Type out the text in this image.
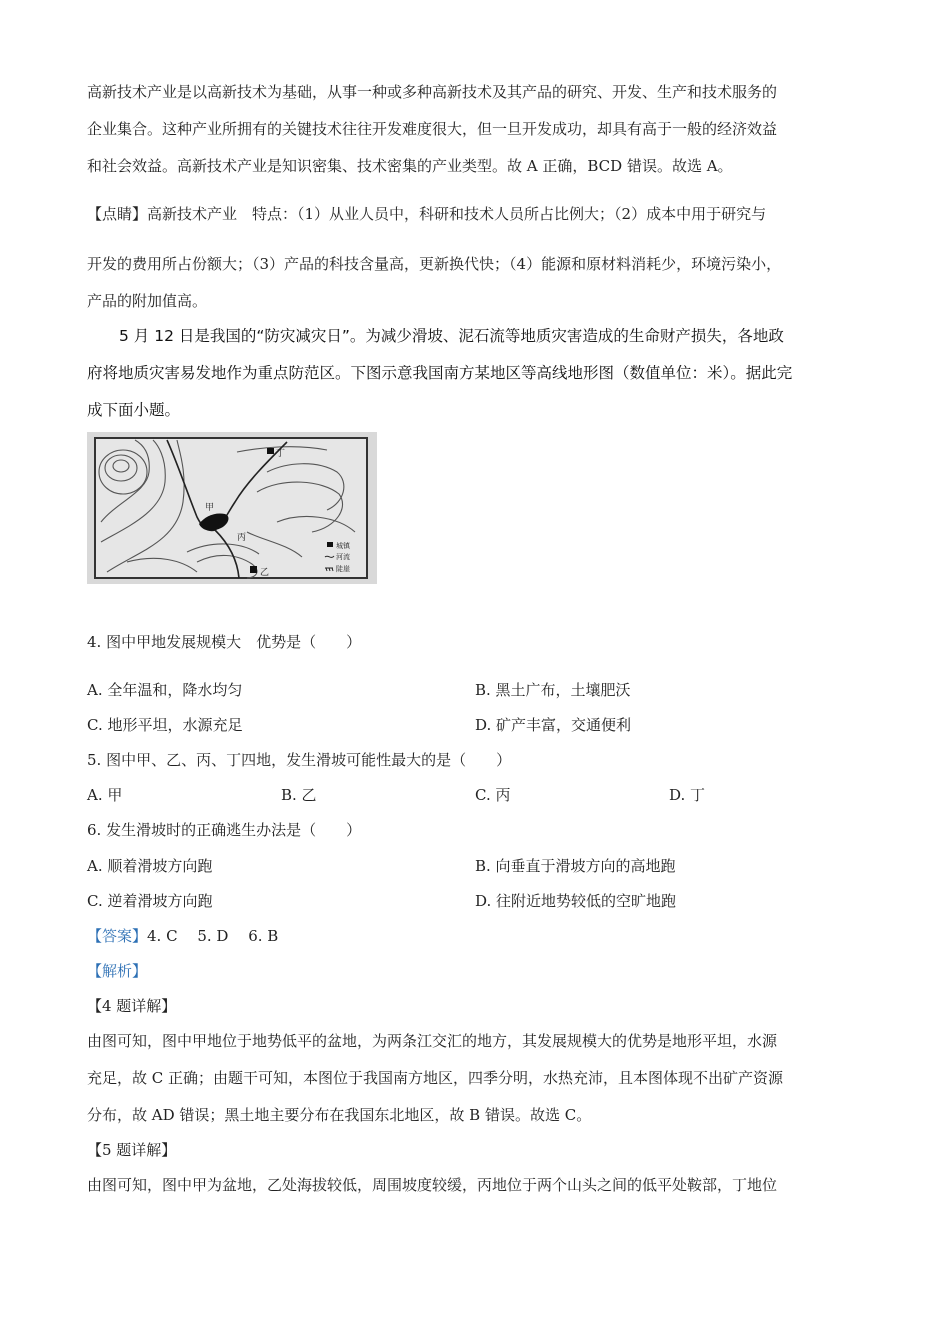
高新技术产业是以高新技术为基础，从事一种或多种高新技术及其产品的研究、开发、生产和技术服务的
企业集合。这种产业所拥有的关键技术往往开发难度很大，但一旦开发成功，却具有高于一般的经济效益
和社会效益。高新技术产业是知识密集、技术密集的产业类型。故 A 正确，BCD 错误。故选 A。
【点睛】高新技术产业　特点：（1）从业人员中，科研和技术人员所占比例大；（2）成本中用于研究与
开发的费用所占份额大；（3）产品的科技含量高，更新换代快；（4）能源和原材料消耗少，环境污染小，
产品的附加值高。
5 月 12 日是我国的“防灾减灾日”。为减少滑坡、泥石流等地质灾害造成的生命财产损失，各地政
府将地质灾害易发地作为重点防范区。下图示意我国南方某地区等高线地形图（数值单位：米）。据此完
成下面小题。
甲
乙
丙
丁
城镇
河流
陡崖
4. 图中甲地发展规模大　优势是（　　）
A. 全年温和，降水均匀	B. 黑土广布，土壤肥沃
C. 地形平坦，水源充足	D. 矿产丰富，交通便利
5. 图中甲、乙、丙、丁四地，发生滑坡可能性最大的是（　　）
A. 甲	B. 乙	C. 丙	D. 丁
6. 发生滑坡时的正确逃生办法是（　　）
A. 顺着滑坡方向跑	B. 向垂直于滑坡方向的高地跑
C. 逆着滑坡方向跑	D. 往附近地势较低的空旷地跑
【答案】4. C　 5. D　 6. B
【解析】
【4 题详解】
由图可知，图中甲地位于地势低平的盆地，为两条江交汇的地方，其发展规模大的优势是地形平坦，水源
充足，故 C 正确；由题干可知，本图位于我国南方地区，四季分明，水热充沛，且本图体现不出矿产资源
分布，故 AD 错误；黑土地主要分布在我国东北地区，故 B 错误。故选 C。
【5 题详解】
由图可知，图中甲为盆地，乙处海拔较低，周围坡度较缓，丙地位于两个山头之间的低平处鞍部，丁地位
